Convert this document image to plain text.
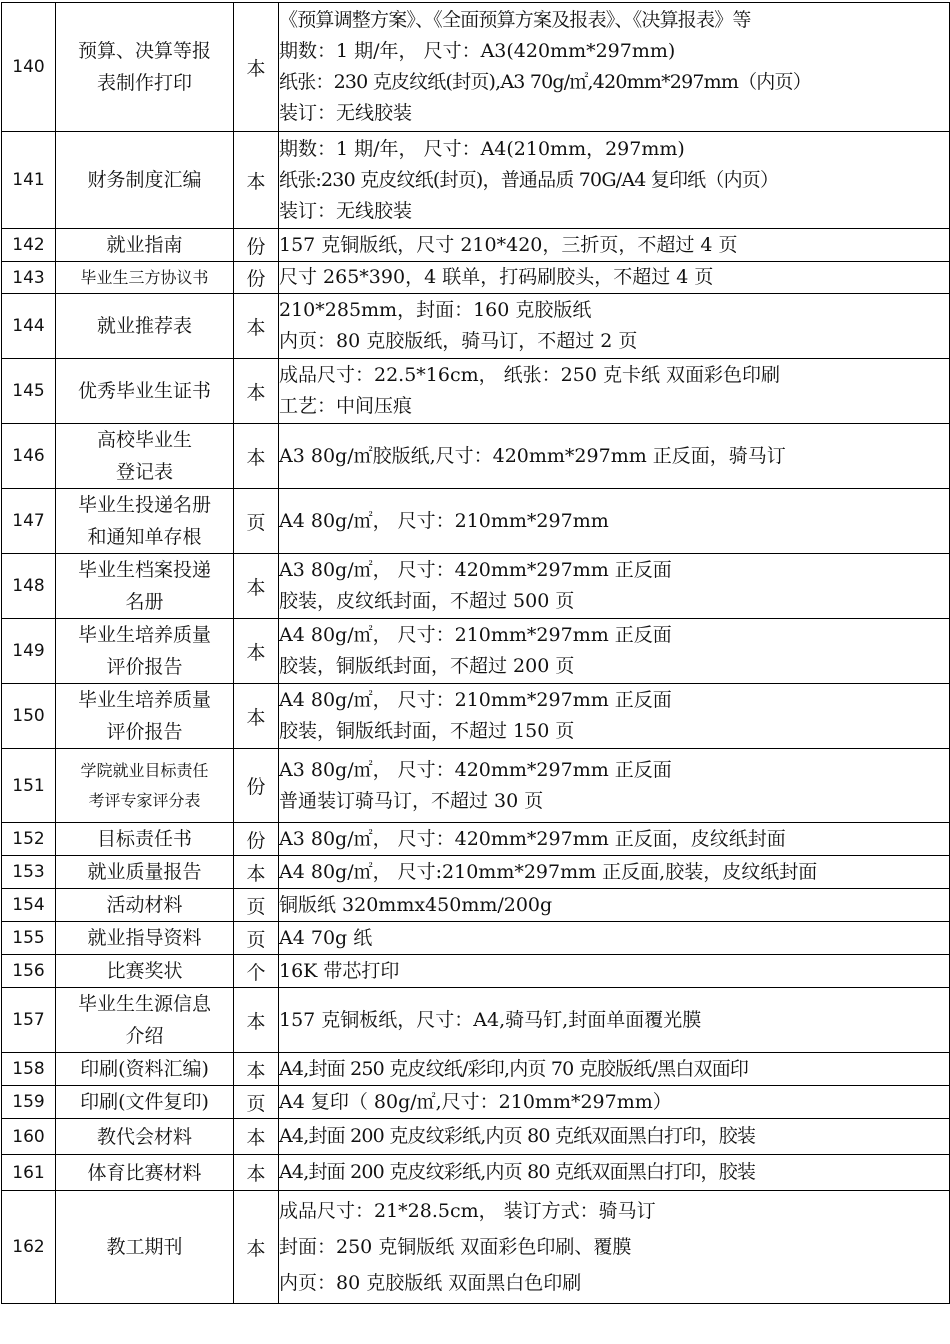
140	预算、决算等报
表制作打印	本	《预算调整方案》、《全面预算方案及报表》、《决算报表》等
期数：1 期/年， 尺寸：A3(420mm*297mm)
纸张：230 克皮纹纸(封页),A3 70g/㎡,420mm*297mm（内页）
装订：无线胶装

141	财务制度汇编	本	期数：1 期/年， 尺寸：A4(210mm，297mm)
纸张:230 克皮纹纸(封页)，普通品质 70G/A4 复印纸（内页）
装订：无线胶装

142	就业指南	份	157 克铜版纸，尺寸 210*420，三折页，不超过 4 页

143	毕业生三方协议书	份	尺寸 265*390，4 联单，打码刷胶头，不超过 4 页

144	就业推荐表	本	210*285mm，封面：160 克胶版纸
内页：80 克胶版纸，骑马订，不超过 2 页

145	优秀毕业生证书	本	成品尺寸：22.5*16cm， 纸张：250 克卡纸 双面彩色印刷
工艺：中间压痕

146	高校毕业生
登记表	本	A3 80g/㎡胶版纸,尺寸：420mm*297mm 正反面，骑马订

147	毕业生投递名册
和通知单存根	页	A4 80g/㎡， 尺寸：210mm*297mm

148	毕业生档案投递
名册	本	A3 80g/㎡， 尺寸：420mm*297mm 正反面
胶装，皮纹纸封面，不超过 500 页

149	毕业生培养质量
评价报告	本	A4 80g/㎡， 尺寸：210mm*297mm 正反面
胶装，铜版纸封面，不超过 200 页

150	毕业生培养质量
评价报告	本	A4 80g/㎡， 尺寸：210mm*297mm 正反面
胶装，铜版纸封面，不超过 150 页

151	学院就业目标责任
考评专家评分表	份	A3 80g/㎡， 尺寸：420mm*297mm 正反面
普通装订骑马订，不超过 30 页

152	目标责任书	份	A3 80g/㎡， 尺寸：420mm*297mm 正反面，皮纹纸封面

153	就业质量报告	本	A4 80g/㎡， 尺寸:210mm*297mm 正反面,胶装，皮纹纸封面

154	活动材料	页	铜版纸 320mmx450mm/200g

155	就业指导资料	页	A4 70g 纸

156	比赛奖状	个	16K 带芯打印

157	毕业生生源信息
介绍	本	157 克铜板纸，尺寸：A4,骑马钉,封面单面覆光膜

158	印刷(资料汇编)	本	A4,封面 250 克皮纹纸/彩印,内页 70 克胶版纸/黑白双面印

159	印刷(文件复印)	页	A4 复印（ 80g/㎡,尺寸：210mm*297mm）

160	教代会材料	本	A4,封面 200 克皮纹彩纸,内页 80 克纸双面黑白打印，胶装

161	体育比赛材料	本	A4,封面 200 克皮纹彩纸,内页 80 克纸双面黑白打印，胶装

162	教工期刊	本	成品尺寸：21*28.5cm， 装订方式：骑马订
封面：250 克铜版纸 双面彩色印刷、覆膜
内页：80 克胶版纸 双面黑白色印刷
